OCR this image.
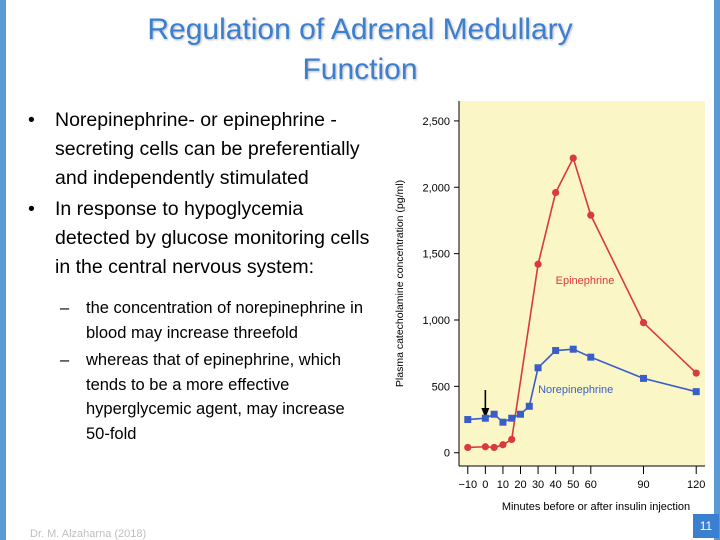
Regulation of Adrenal Medullary
Function
• Norepinephrine- or epinephrine -secreting cells can be preferentially and independently stimulated
• In response to hypoglycemia detected by glucose monitoring cells in the central nervous system:
– the concentration of norepinephrine in blood may increase threefold
– whereas that of epinephrine, which tends to be a more effective hyperglycemic agent, may increase 50-fold
0
500
1,000
1,500
2,000
2,500
−10 0 10 20 30 40 50 60	90	120
Plasma catecholamine concentration (pg/ml)
Minutes before or after insulin injection
Epinephrine
Norepinephrine
Dr. M. Alzaharna (2018)
11
